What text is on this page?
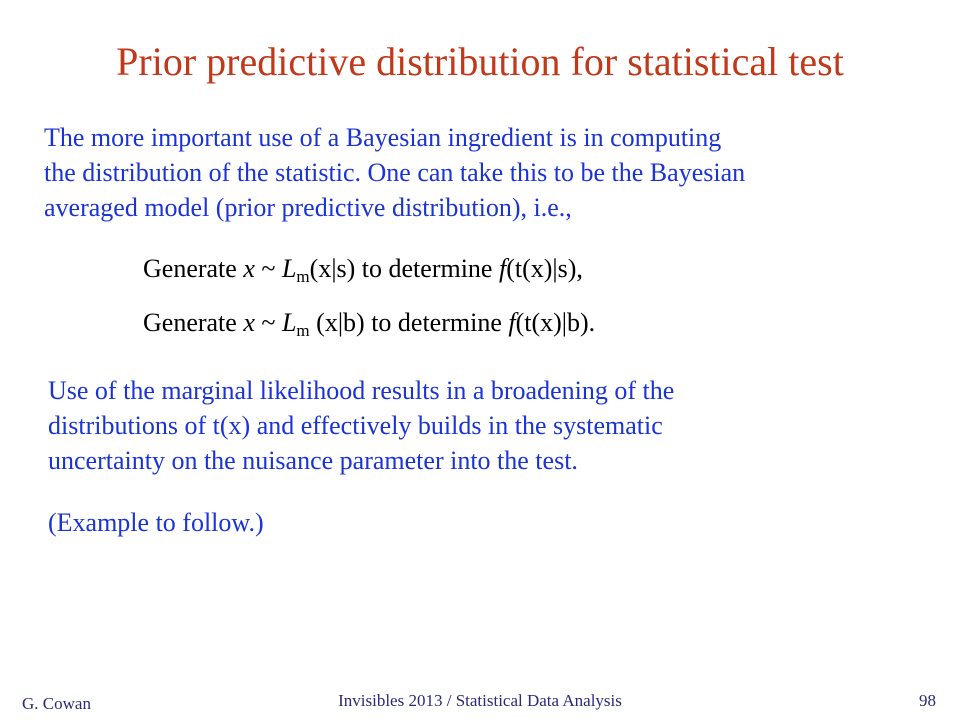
Prior predictive distribution for statistical test
The more important use of a Bayesian ingredient is in computing
the distribution of the statistic. One can take this to be the Bayesian
averaged model (prior predictive distribution), i.e.,
Generate x ~ $L_m(x|s)$ to determine f(t(x)|s),
Generate x ~ $L_m$ (x|b) to determine f(t(x)|b).
Use of the marginal likelihood results in a broadening of the
distributions of t(x) and effectively builds in the systematic
uncertainty on the nuisance parameter into the test.
(Example to follow.)
G. Cowan	Invisibles 2013 / Statistical Data Analysis	98
